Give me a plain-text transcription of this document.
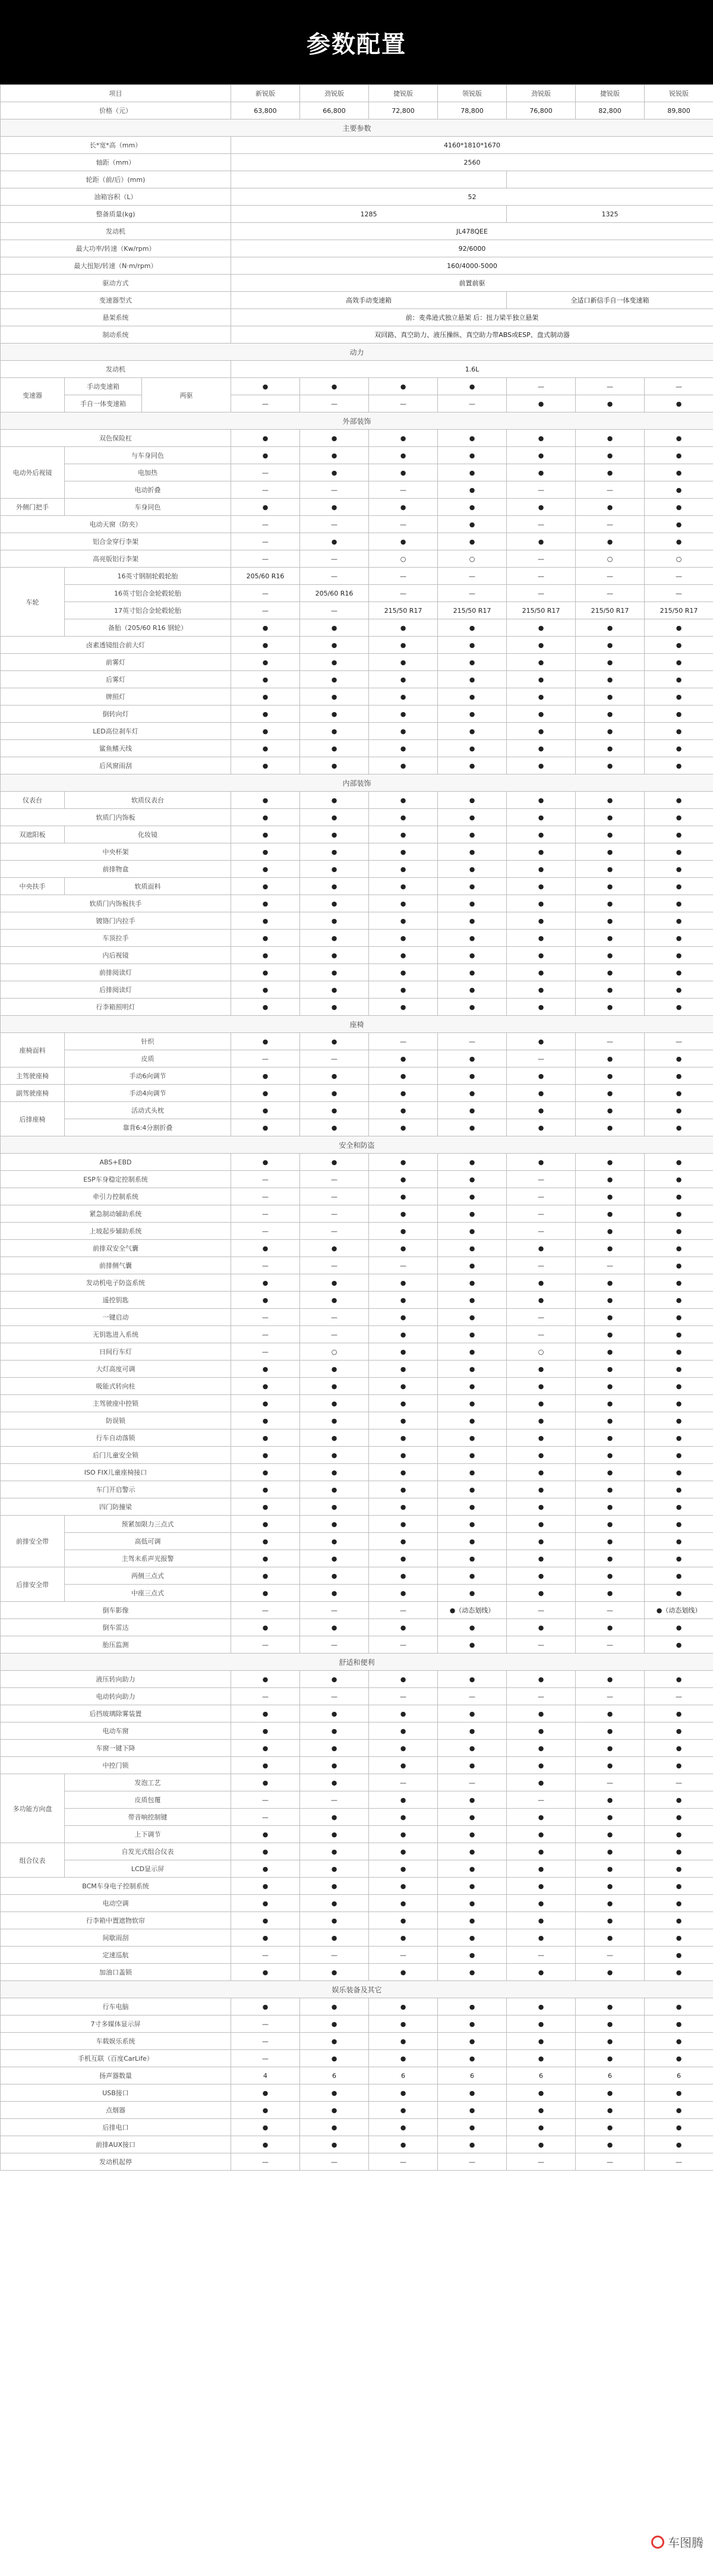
参数配置
项目			新锐版	劲锐版	捷锐版	领锐版	劲锐版	捷锐版	锐锐版
价格（元）			63,800	66,800	72,800	78,800	76,800	82,800	89,800
主要参数									
长*宽*高（mm）			4160*1810*1670						
轴距（mm）			2560						
轮距（前/后）(mm)									
油箱容积（L）			52						
整备质量(kg)			1285				1325		
发动机			JL478QEE						
最大功率/转速（Kw/rpm）			92/6000						
最大扭矩/转速（N·m/rpm）			160/4000-5000						
驱动方式			前置前驱						
变速器型式			高效手动变速箱				全适口新信手自一体变速箱		
悬架系统			前：麦弗逊式独立悬架 后：扭力梁半独立悬架						
制动系统			双回路、真空助力、液压操纵、真空助力带ABS或ESP、盘式制动器						
动力									
发动机			1.6L						
变速器	手动变速箱	两驱	●	●	●	●	—	—	—
	手自一体变速箱		—	—	—	—	●	●	●
外部装饰									
双色保险杠			●	●	●	●	●	●	●
电动外后视镜	与车身同色		●	●	●	●	●	●	●
	电加热		—	●	●	●	●	●	●
	电动折叠		—	—	—	●	—	—	●
外侧门把手	车身同色		●	●	●	●	●	●	●
电动天窗（防夹）			—	—	—	●	—	—	●
铝合金穿行李架			—	●	●	●	●	●	●
高亮版铝行李架			—	—	○	○	—	○	○
车轮	16英寸钢制轮毂轮胎		205/60 R16	—	—	—	—	—	—
	16英寸铝合金轮毂轮胎		—	205/60 R16	—	—	—	—	—
	17英寸铝合金轮毂轮胎		—	—	215/50 R17	215/50 R17	215/50 R17	215/50 R17	215/50 R17
	备胎（205/60 R16 钢轮）		●	●	●	●	●	●	●
卤素透镜组合前大灯			●	●	●	●	●	●	●
前雾灯			●	●	●	●	●	●	●
后雾灯			●	●	●	●	●	●	●
牌照灯			●	●	●	●	●	●	●
倒转向灯			●	●	●	●	●	●	●
LED高位刹车灯			●	●	●	●	●	●	●
鲨鱼鳍天线			●	●	●	●	●	●	●
后风窗雨刮			●	●	●	●	●	●	●
内部装饰									
仪表台	软质仪表台		●	●	●	●	●	●	●
软质门内饰板			●	●	●	●	●	●	●
双遮阳板	化妆镜		●	●	●	●	●	●	●
中央杯架			●	●	●	●	●	●	●
前排物盒			●	●	●	●	●	●	●
中央扶手	软质面料		●	●	●	●	●	●	●
软质门内饰板扶手			●	●	●	●	●	●	●
镀铬门内拉手			●	●	●	●	●	●	●
车顶拉手			●	●	●	●	●	●	●
内后视镜			●	●	●	●	●	●	●
前排阅读灯			●	●	●	●	●	●	●
后排阅读灯			●	●	●	●	●	●	●
行李箱照明灯			●	●	●	●	●	●	●
座椅									
座椅面料	针织		●	●	—	—	●	—	—
	皮质		—	—	●	●	—	●	●
主驾驶座椅	手动6向调节		●	●	●	●	●	●	●
副驾驶座椅	手动4向调节		●	●	●	●	●	●	●
后排座椅	活动式头枕		●	●	●	●	●	●	●
	靠背6:4分割折叠		●	●	●	●	●	●	●
安全和防盗									
ABS+EBD			●	●	●	●	●	●	●
ESP车身稳定控制系统			—	—	●	●	—	●	●
牵引力控制系统			—	—	●	●	—	●	●
紧急制动辅助系统			—	—	●	●	—	●	●
上坡起步辅助系统			—	—	●	●	—	●	●
前排双安全气囊			●	●	●	●	●	●	●
前排侧气囊			—	—	—	●	—	—	●
发动机电子防盗系统			●	●	●	●	●	●	●
遥控钥匙			●	●	●	●	●	●	●
一键启动			—	—	●	●	—	●	●
无钥匙进入系统			—	—	●	●	—	●	●
日间行车灯			—	○	●	●	○	●	●
大灯高度可调			●	●	●	●	●	●	●
吸能式转向柱			●	●	●	●	●	●	●
主驾驶座中控锁			●	●	●	●	●	●	●
防误锁			●	●	●	●	●	●	●
行车自动落锁			●	●	●	●	●	●	●
后门儿童安全锁			●	●	●	●	●	●	●
ISO FIX儿童座椅接口			●	●	●	●	●	●	●
车门开启警示			●	●	●	●	●	●	●
四门防撞梁			●	●	●	●	●	●	●
前排安全带	预紧加限力三点式		●	●	●	●	●	●	●
	高低可调		●	●	●	●	●	●	●
	主驾未系声光报警		●	●	●	●	●	●	●
后排安全带	两侧三点式		●	●	●	●	●	●	●
	中座三点式		●	●	●	●	●	●	●
倒车影像			—	—	—	●（动态划线）	—	—	●（动态划线）
倒车雷达			●	●	●	●	●	●	●
胎压监测			—	—	—	●	—	—	●
舒适和便利									
液压转向助力			●	●	●	●	●	●	●
电动转向助力			—	—	—	—	—	—	—
后挡玻璃除雾装置			●	●	●	●	●	●	●
电动车窗			●	●	●	●	●	●	●
车窗一键下降			●	●	●	●	●	●	●
中控门锁			●	●	●	●	●	●	●
多功能方向盘	发泡工艺		●	●	—	—	●	—	—
	皮质包覆		—	—	●	●	—	●	●
	带音响控制键		—	●	●	●	●	●	●
	上下调节		●	●	●	●	●	●	●
组合仪表	自发光式组合仪表		●	●	●	●	●	●	●
	LCD显示屏		●	●	●	●	●	●	●
BCM车身电子控制系统			●	●	●	●	●	●	●
电动空调			●	●	●	●	●	●	●
行李箱中置遮物软帘			●	●	●	●	●	●	●
间歇雨刮			●	●	●	●	●	●	●
定速巡航			—	—	—	●	—	—	●
加油口盖锁			●	●	●	●	●	●	●
娱乐装备及其它									
行车电脑			●	●	●	●	●	●	●
7寸多媒体显示屏			—	●	●	●	●	●	●
车载娱乐系统			—	●	●	●	●	●	●
手机互联（百度CarLife）			—	●	●	●	●	●	●
扬声器数量			4	6	6	6	6	6	6
USB接口			●	●	●	●	●	●	●
点烟器			●	●	●	●	●	●	●
后排电口			●	●	●	●	●	●	●
前排AUX接口			●	●	●	●	●	●	●
发动机起停			—	—	—	—	—	—	—
车图腾
